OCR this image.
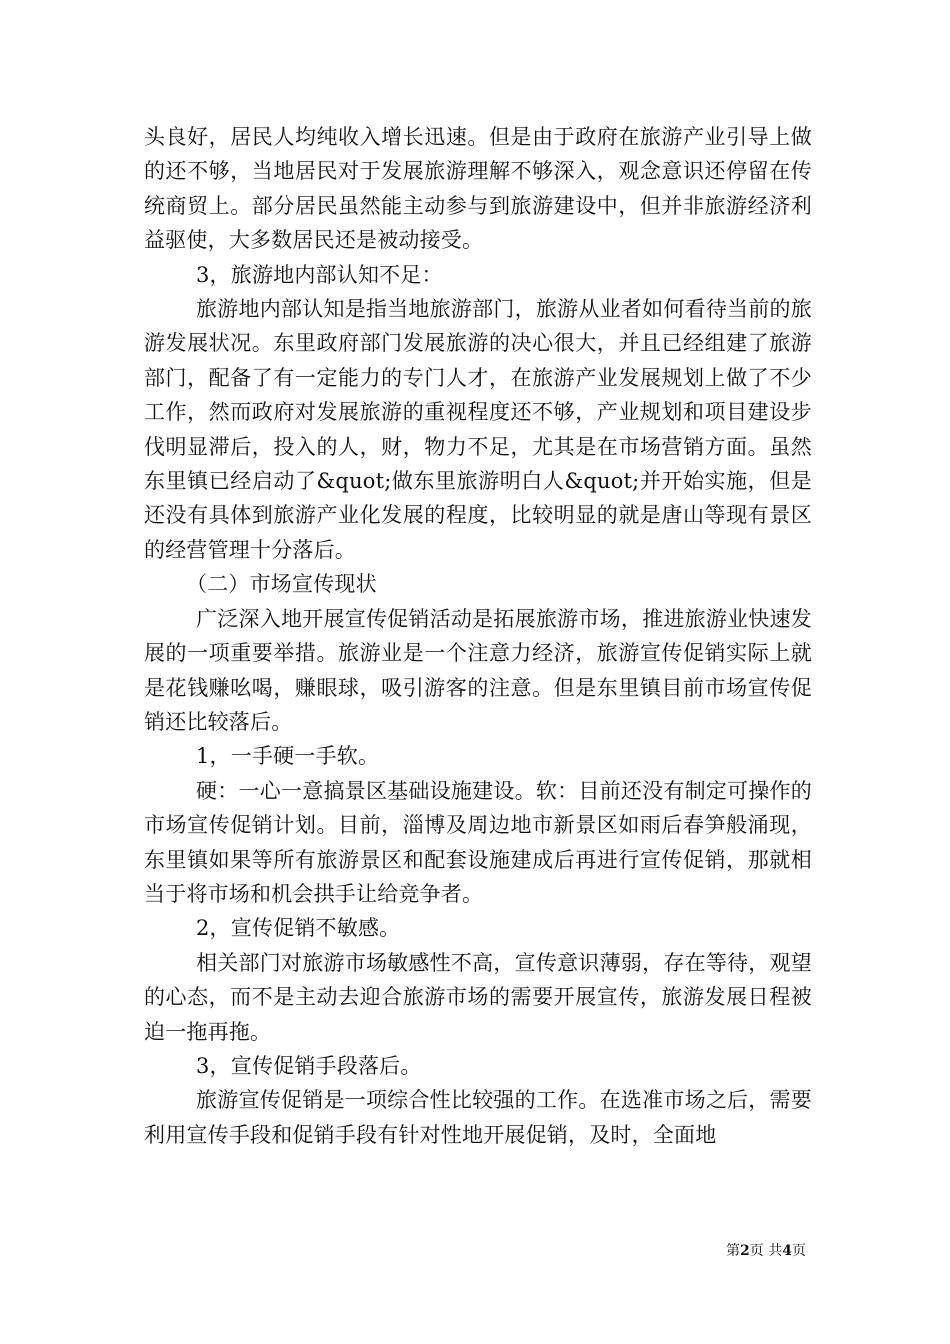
头良好，居民人均纯收入增长迅速。但是由于政府在旅游产业引导上做的还不够，当地居民对于发展旅游理解不够深入，观念意识还停留在传统商贸上。部分居民虽然能主动参与到旅游建设中，但并非旅游经济利益驱使，大多数居民还是被动接受。

3，旅游地内部认知不足：

旅游地内部认知是指当地旅游部门，旅游从业者如何看待当前的旅游发展状况。东里政府部门发展旅游的决心很大，并且已经组建了旅游部门，配备了有一定能力的专门人才，在旅游产业发展规划上做了不少工作，然而政府对发展旅游的重视程度还不够，产业规划和项目建设步伐明显滞后，投入的人，财，物力不足，尤其是在市场营销方面。虽然东里镇已经启动了&quot;做东里旅游明白人&quot;并开始实施，但是还没有具体到旅游产业化发展的程度，比较明显的就是唐山等现有景区的经营管理十分落后。

（二）市场宣传现状

广泛深入地开展宣传促销活动是拓展旅游市场，推进旅游业快速发展的一项重要举措。旅游业是一个注意力经济，旅游宣传促销实际上就是花钱赚吆喝，赚眼球，吸引游客的注意。但是东里镇目前市场宣传促销还比较落后。

1，一手硬一手软。

硬：一心一意搞景区基础设施建设。软：目前还没有制定可操作的市场宣传促销计划。目前，淄博及周边地市新景区如雨后春笋般涌现，东里镇如果等所有旅游景区和配套设施建成后再进行宣传促销，那就相当于将市场和机会拱手让给竞争者。

2，宣传促销不敏感。

相关部门对旅游市场敏感性不高，宣传意识薄弱，存在等待，观望的心态，而不是主动去迎合旅游市场的需要开展宣传，旅游发展日程被迫一拖再拖。

3，宣传促销手段落后。

旅游宣传促销是一项综合性比较强的工作。在选准市场之后，需要利用宣传手段和促销手段有针对性地开展促销，及时，全面地

第2页 共4页
